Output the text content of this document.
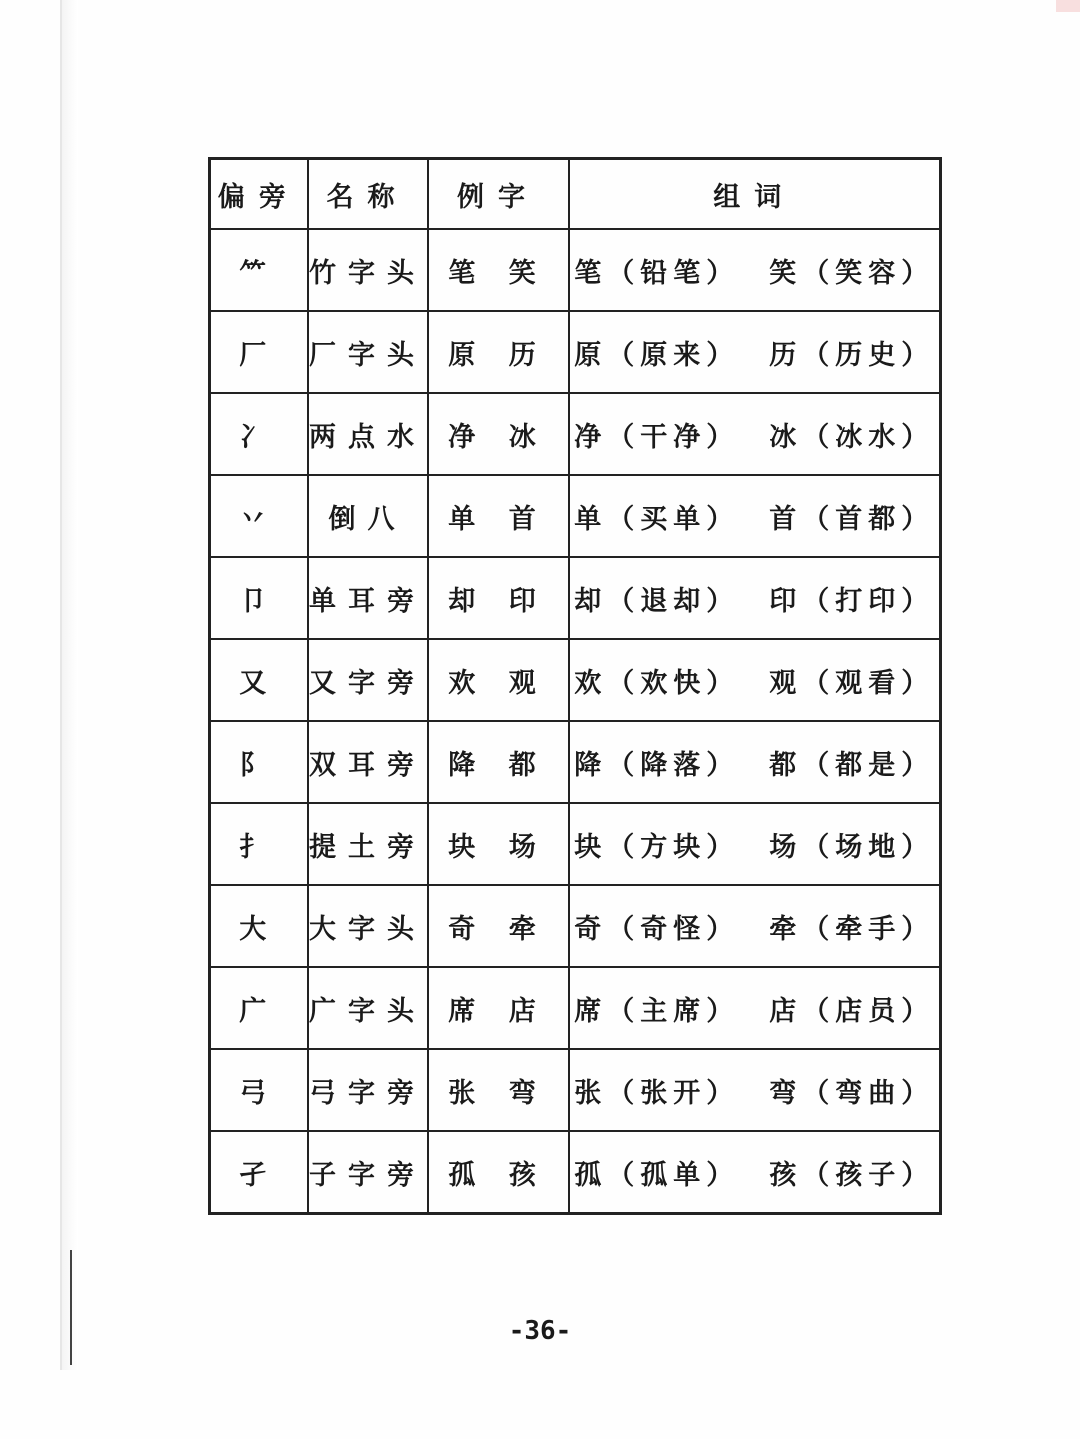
偏旁	名称	例字	组词
⺮	竹字头	笔 笑	笔（铅笔） 笑（笑容）
厂	厂字头	原 历	原（原来） 历（历史）
冫	两点水	净 冰	净（干净） 冰（冰水）
丷	倒八	单 首	单（买单） 首（首都）
卩	单耳旁	却 印	却（退却） 印（打印）
又	又字旁	欢 观	欢（欢快） 观（观看）
阝	双耳旁	降 都	降（降落） 都（都是）
扌	提土旁	块 场	块（方块） 场（场地）
大	大字头	奇 牵	奇（奇怪） 牵（牵手）
广	广字头	席 店	席（主席） 店（店员）
弓	弓字旁	张 弯	张（张开） 弯（弯曲）
孑	子字旁	孤 孩	孤（孤单） 孩（孩子）
-36-
